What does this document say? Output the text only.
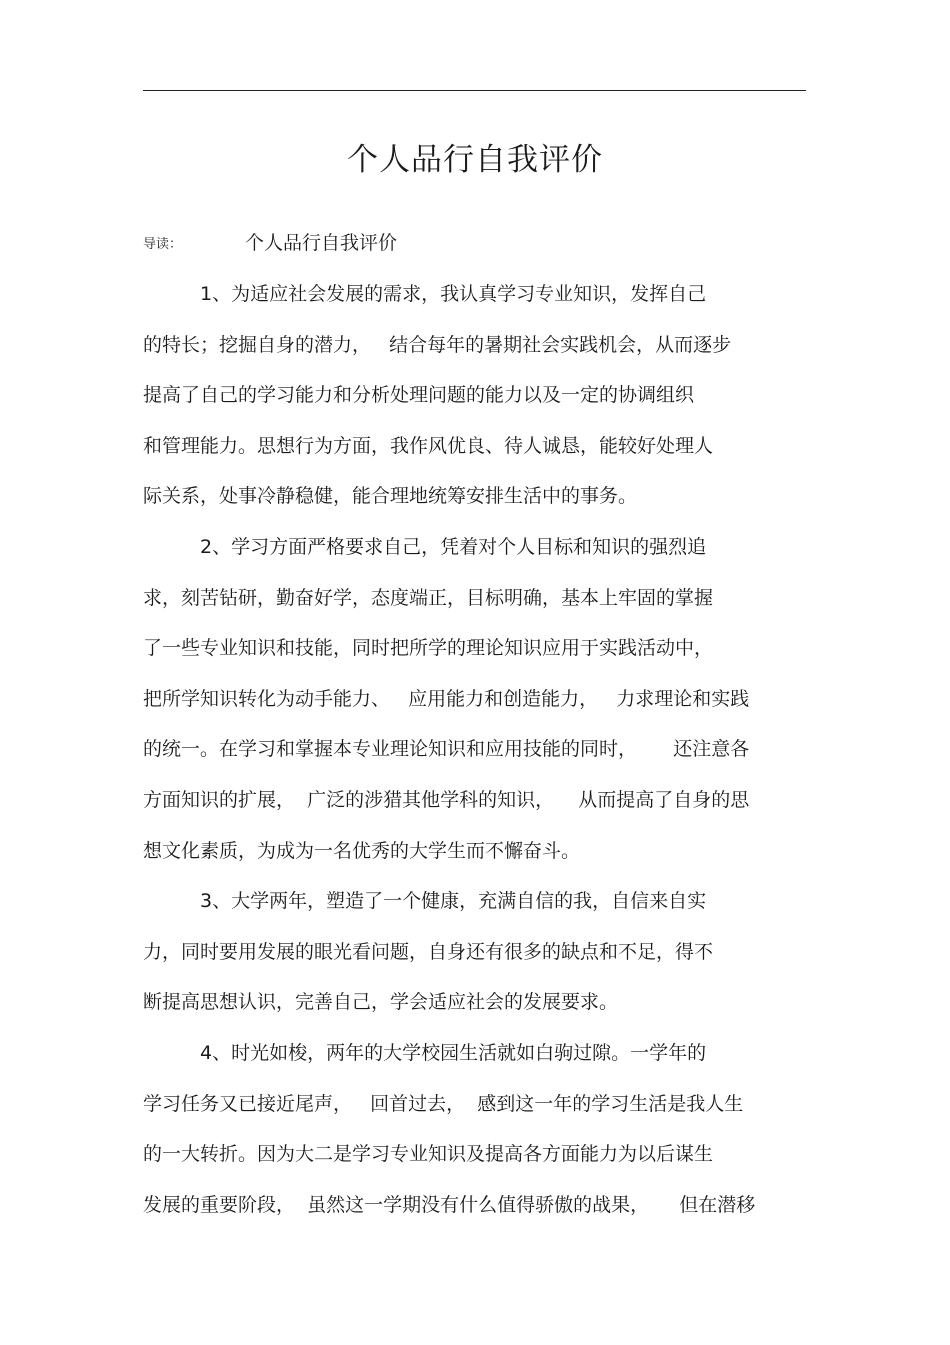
个人品行自我评价
导读：	个人品行自我评价
1、为适应社会发展的需求，我认真学习专业知识，发挥自己
的特长；挖掘自身的潜力，   结合每年的暑期社会实践机会，从而逐步
提高了自己的学习能力和分析处理问题的能力以及一定的协调组织
和管理能力。思想行为方面，我作风优良、待人诚恳，能较好处理人
际关系，处事冷静稳健，能合理地统筹安排生活中的事务。
2、学习方面严格要求自己，凭着对个人目标和知识的强烈追
求，刻苦钻研，勤奋好学，态度端正，目标明确，基本上牢固的掌握
了一些专业知识和技能，同时把所学的理论知识应用于实践活动中，
把所学知识转化为动手能力、   应用能力和创造能力，   力求理论和实践
的统一。在学习和掌握本专业理论知识和应用技能的同时，      还注意各
方面知识的扩展，  广泛的涉猎其他学科的知识，    从而提高了自身的思
想文化素质，为成为一名优秀的大学生而不懈奋斗。
3、大学两年，塑造了一个健康，充满自信的我，自信来自实
力，同时要用发展的眼光看问题，自身还有很多的缺点和不足，得不
断提高思想认识，完善自己，学会适应社会的发展要求。
4、时光如梭，两年的大学校园生活就如白驹过隙。一学年的
学习任务又已接近尾声，   回首过去，  感到这一年的学习生活是我人生
的一大转折。因为大二是学习专业知识及提高各方面能力为以后谋生
发展的重要阶段，  虽然这一学期没有什么值得骄傲的战果，     但在潜移
